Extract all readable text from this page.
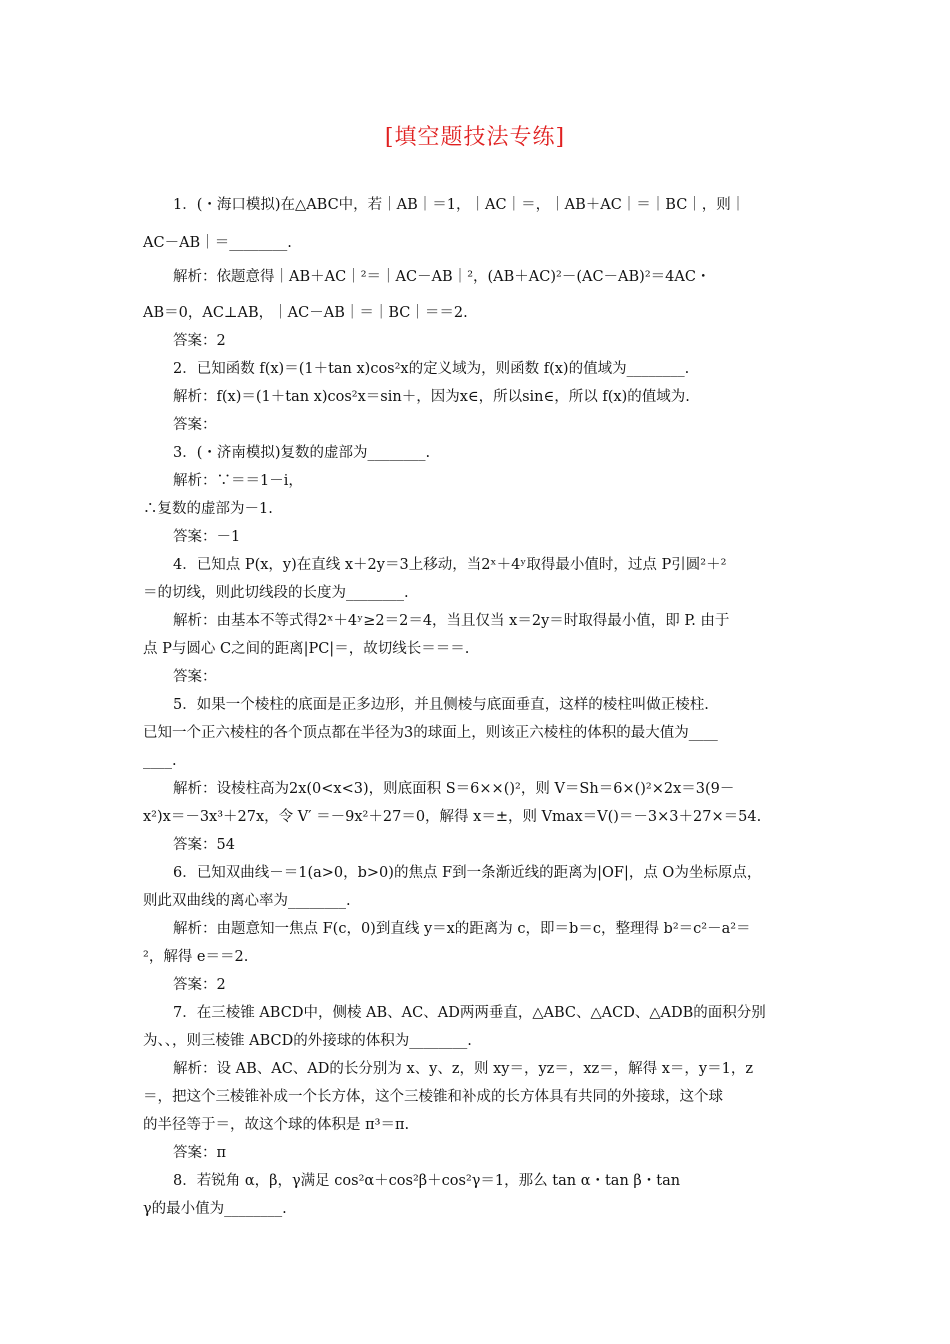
[填空题技法专练]
1．(・海口模拟)在△ABC中，若｜AB｜＝1，｜AC｜＝，｜AB＋AC｜＝｜BC｜，则｜
AC－AB｜＝________.
解析：依题意得｜AB＋AC｜²＝｜AC－AB｜²，(AB＋AC)²－(AC－AB)²＝4AC・
AB＝0，AC⊥AB，｜AC－AB｜＝｜BC｜＝＝2.
答案：2
2．已知函数 f(x)＝(1＋tan x)cos²x的定义域为，则函数 f(x)的值域为________.
解析：f(x)＝(1＋tan x)cos²x＝sin＋，因为x∈，所以sin∈，所以 f(x)的值域为.
答案：
3．(・济南模拟)复数的虚部为________.
解析：∵＝＝1－i，
∴复数的虚部为－1.
答案：－1
4．已知点 P(x，y)在直线 x＋2y＝3上移动，当2ˣ＋4ʸ取得最小值时，过点 P引圆²＋²
＝的切线，则此切线段的长度为________.
解析：由基本不等式得2ˣ＋4ʸ≥2＝2＝4，当且仅当 x＝2y＝时取得最小值，即 P. 由于
点 P与圆心 C之间的距离|PC|＝，故切线长＝＝＝.
答案：
5．如果一个棱柱的底面是正多边形，并且侧棱与底面垂直，这样的棱柱叫做正棱柱.
已知一个正六棱柱的各个顶点都在半径为3的球面上，则该正六棱柱的体积的最大值为____
____.
解析：设棱柱高为2x(0<x<3)，则底面积 S＝6××()²，则 V＝Sh＝6×()²×2x＝3(9－
x²)x＝－3x³＋27x，令 V′ ＝－9x²＋27＝0，解得 x＝±，则 Vmax＝V()＝－3×3＋27×＝54.
答案：54
6．已知双曲线－＝1(a>0，b>0)的焦点 F到一条渐近线的距离为|OF|，点 O为坐标原点，
则此双曲线的离心率为________.
解析：由题意知一焦点 F(c，0)到直线 y＝x的距离为 c，即＝b＝c，整理得 b²＝c²－a²＝
²，解得 e＝＝2.
答案：2
7．在三棱锥 ABCD中，侧棱 AB、AC、AD两两垂直，△ABC、△ACD、△ADB的面积分别
为、、，则三棱锥 ABCD的外接球的体积为________.
解析：设 AB、AC、AD的长分别为 x、y、z，则 xy＝，yz＝，xz＝，解得 x＝，y＝1，z
＝，把这个三棱锥补成一个长方体，这个三棱锥和补成的长方体具有共同的外接球，这个球
的半径等于＝，故这个球的体积是 π³＝π.
答案：π
8．若锐角 α，β，γ满足 cos²α＋cos²β＋cos²γ＝1，那么 tan α・tan β・tan
γ的最小值为________.
